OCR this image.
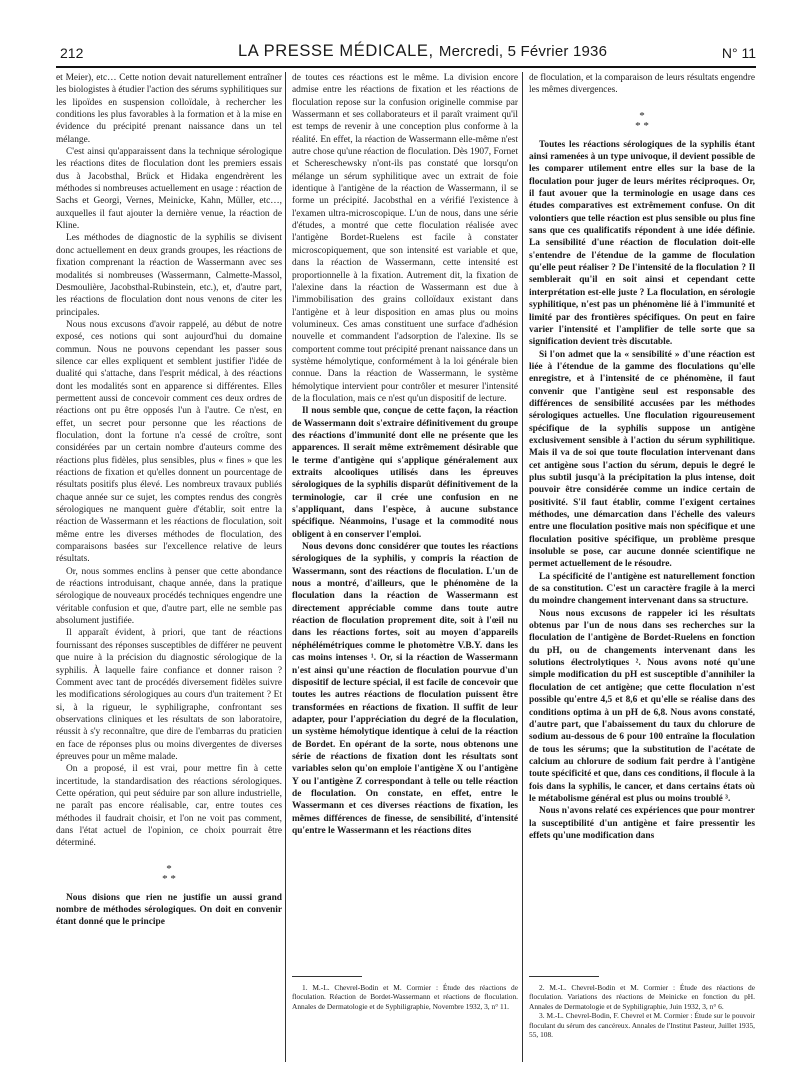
212	LA PRESSE MÉDICALE, Mercredi, 5 Février 1936	N° 11

et Meier), etc… Cette notion devait naturellement entraîner les biologistes à étudier l'action des sérums syphilitiques sur les lipoïdes en suspension colloïdale, à rechercher les conditions les plus favorables à la formation et à la mise en évidence du précipité prenant naissance dans un tel mélange.

C'est ainsi qu'apparaissent dans la technique sérologique les réactions dites de floculation dont les premiers essais dus à Jacobsthal, Brück et Hidaka engendrèrent les méthodes si nombreuses actuellement en usage : réaction de Sachs et Georgi, Vernes, Meinicke, Kahn, Müller, etc…, auxquelles il faut ajouter la dernière venue, la réaction de Kline.

Les méthodes de diagnostic de la syphilis se divisent donc actuellement en deux grands groupes, les réactions de fixation comprenant la réaction de Wassermann avec ses modalités si nombreuses (Wassermann, Calmette-Massol, Desmoulière, Jacobsthal-Rubinstein, etc.), et, d'autre part, les réactions de floculation dont nous venons de citer les principales.

Nous nous excusons d'avoir rappelé, au début de notre exposé, ces notions qui sont aujourd'hui du domaine commun. Nous ne pouvons cependant les passer sous silence car elles expliquent et semblent justifier l'idée de dualité qui s'attache, dans l'esprit médical, à des réactions dont les modalités sont en apparence si différentes. Elles permettent aussi de concevoir comment ces deux ordres de réactions ont pu être opposés l'un à l'autre. Ce n'est, en effet, un secret pour personne que les réactions de floculation, dont la fortune n'a cessé de croître, sont considérées par un certain nombre d'auteurs comme des réactions plus fidèles, plus sensibles, plus « fines » que les réactions de fixation et qu'elles donnent un pourcentage de résultats positifs plus élevé. Les nombreux travaux publiés chaque année sur ce sujet, les comptes rendus des congrès sérologiques ne manquent guère d'établir, soit entre la réaction de Wassermann et les réactions de floculation, soit même entre les diverses méthodes de floculation, des comparaisons basées sur l'excellence relative de leurs résultats.

Or, nous sommes enclins à penser que cette abondance de réactions introduisant, chaque année, dans la pratique sérologique de nouveaux procédés techniques engendre une véritable confusion et que, d'autre part, elle ne semble pas absolument justifiée.

Il apparaît évident, à priori, que tant de réactions fournissant des réponses susceptibles de différer ne peuvent que nuire à la précision du diagnostic sérologique de la syphilis. À laquelle faire confiance et donner raison ? Comment avec tant de procédés diversement fidèles suivre les modifications sérologiques au cours d'un traitement ? Et si, à la rigueur, le syphiligraphe, confrontant ses observations cliniques et les résultats de son laboratoire, réussit à s'y reconnaître, que dire de l'embarras du praticien en face de réponses plus ou moins divergentes de diverses épreuves pour un même malade.

On a proposé, il est vrai, pour mettre fin à cette incertitude, la standardisation des réactions sérologiques. Cette opération, qui peut séduire par son allure industrielle, ne paraît pas encore réalisable, car, entre toutes ces méthodes il faudrait choisir, et l'on ne voit pas comment, dans l'état actuel de l'opinion, ce choix pourrait être déterminé.

*
* *

Nous disions que rien ne justifie un aussi grand nombre de méthodes sérologiques. On doit en convenir étant donné que le principe

de toutes ces réactions est le même. La division encore admise entre les réactions de fixation et les réactions de floculation repose sur la confusion originelle commise par Wassermann et ses collaborateurs et il paraît vraiment qu'il est temps de revenir à une conception plus conforme à la réalité. En effet, la réaction de Wassermann elle-même n'est autre chose qu'une réaction de floculation. Dès 1907, Fornet et Schereschewsky n'ont-ils pas constaté que lorsqu'on mélange un sérum syphilitique avec un extrait de foie identique à l'antigène de la réaction de Wassermann, il se forme un précipité. Jacobsthal en a vérifié l'existence à l'examen ultra-microscopique. L'un de nous, dans une série d'études, a montré que cette floculation réalisée avec l'antigène Bordet-Ruelens est facile à constater microscopiquement, que son intensité est variable et que, dans la réaction de Wassermann, cette intensité est proportionnelle à la fixation. Autrement dit, la fixation de l'alexine dans la réaction de Wassermann est due à l'immobilisation des grains colloïdaux existant dans l'antigène et à leur disposition en amas plus ou moins volumineux. Ces amas constituent une surface d'adhésion nouvelle et commandent l'adsorption de l'alexine. Ils se comportent comme tout précipité prenant naissance dans un système hémolytique, conformément à la loi générale bien connue. Dans la réaction de Wassermann, le système hémolytique intervient pour contrôler et mesurer l'intensité de la floculation, mais ce n'est qu'un dispositif de lecture.

Il nous semble que, conçue de cette façon, la réaction de Wassermann doit s'extraire définitivement du groupe des réactions d'immunité dont elle ne présente que les apparences. Il serait même extrêmement désirable que le terme d'antigène qui s'applique généralement aux extraits alcooliques utilisés dans les épreuves sérologiques de la syphilis disparût définitivement de la terminologie, car il crée une confusion en ne s'appliquant, dans l'espèce, à aucune substance spécifique. Néanmoins, l'usage et la commodité nous obligent à en conserver l'emploi.

Nous devons donc considérer que toutes les réactions sérologiques de la syphilis, y compris la réaction de Wassermann, sont des réactions de floculation. L'un de nous a montré, d'ailleurs, que le phénomène de la floculation dans la réaction de Wassermann est directement appréciable comme dans toute autre réaction de floculation proprement dite, soit à l'œil nu dans les réactions fortes, soit au moyen d'appareils néphélémétriques comme le photomètre V.B.Y. dans les cas moins intenses ¹. Or, si la réaction de Wassermann n'est ainsi qu'une réaction de floculation pourvue d'un dispositif de lecture spécial, il est facile de concevoir que toutes les autres réactions de floculation puissent être transformées en réactions de fixation. Il suffit de leur adapter, pour l'appréciation du degré de la floculation, un système hémolytique identique à celui de la réaction de Bordet. En opérant de la sorte, nous obtenons une série de réactions de fixation dont les résultats sont variables selon qu'on emploie l'antigène X ou l'antigène Y ou l'antigène Z correspondant à telle ou telle réaction de floculation. On constate, en effet, entre le Wassermann et ces diverses réactions de fixation, les mêmes différences de finesse, de sensibilité, d'intensité qu'entre le Wassermann et les réactions dites

1. M.-L. Chevrel-Bodin et M. Cormier : Étude des réactions de floculation. Réaction de Bordet-Wassermann et réactions de floculation. Annales de Dermatologie et de Syphiligraphie, Novembre 1932, 3, n° 11.

de floculation, et la comparaison de leurs résultats engendre les mêmes divergences.

*
* *

Toutes les réactions sérologiques de la syphilis étant ainsi ramenées à un type univoque, il devient possible de les comparer utilement entre elles sur la base de la floculation pour juger de leurs mérites réciproques. Or, il faut avouer que la terminologie en usage dans ces études comparatives est extrêmement confuse. On dit volontiers que telle réaction est plus sensible ou plus fine sans que ces qualificatifs répondent à une idée définie. La sensibilité d'une réaction de floculation doit-elle s'entendre de l'étendue de la gamme de floculation qu'elle peut réaliser ? De l'intensité de la floculation ? Il semblerait qu'il en soit ainsi et cependant cette interprétation est-elle juste ? La floculation, en sérologie syphilitique, n'est pas un phénomène lié à l'immunité et limité par des frontières spécifiques. On peut en faire varier l'intensité et l'amplifier de telle sorte que sa signification devient très discutable.

Si l'on admet que la « sensibilité » d'une réaction est liée à l'étendue de la gamme des floculations qu'elle enregistre, et à l'intensité de ce phénomène, il faut convenir que l'antigène seul est responsable des différences de sensibilité accusées par les méthodes sérologiques actuelles. Une floculation rigoureusement spécifique de la syphilis suppose un antigène exclusivement sensible à l'action du sérum syphilitique. Mais il va de soi que toute floculation intervenant dans cet antigène sous l'action du sérum, depuis le degré le plus subtil jusqu'à la précipitation la plus intense, doit pouvoir être considérée comme un indice certain de positivité. S'il faut établir, comme l'exigent certaines méthodes, une démarcation dans l'échelle des valeurs entre une floculation positive mais non spécifique et une floculation positive spécifique, un problème presque insoluble se pose, car aucune donnée scientifique ne permet actuellement de le résoudre.

La spécificité de l'antigène est naturellement fonction de sa constitution. C'est un caractère fragile à la merci du moindre changement intervenant dans sa structure.

Nous nous excusons de rappeler ici les résultats obtenus par l'un de nous dans ses recherches sur la floculation de l'antigène de Bordet-Ruelens en fonction du pH, ou de changements intervenant dans les solutions électrolytiques ². Nous avons noté qu'une simple modification du pH est susceptible d'annihiler la floculation de cet antigène; que cette floculation n'est possible qu'entre 4,5 et 8,6 et qu'elle se réalise dans des conditions optima à un pH de 6,8. Nous avons constaté, d'autre part, que l'abaissement du taux du chlorure de sodium au-dessous de 6 pour 100 entraîne la floculation de tous les sérums; que la substitution de l'acétate de calcium au chlorure de sodium fait perdre à l'antigène toute spécificité et que, dans ces conditions, il flocule à la fois dans la syphilis, le cancer, et dans certains états où le métabolisme général est plus ou moins troublé ³.

Nous n'avons relaté ces expériences que pour montrer la susceptibilité d'un antigène et faire pressentir les effets qu'une modification dans

2. M.-L. Chevrel-Bodin et M. Cormier : Étude des réactions de floculation. Variations des réactions de Meinicke en fonction du pH. Annales de Dermatologie et de Syphiligraphie, Juin 1932, 3, n° 6.

3. M.-L. Chevrel-Bodin, F. Chevrel et M. Cormier : Étude sur le pouvoir floculant du sérum des cancéreux. Annales de l'Institut Pasteur, Juillet 1935, 55, 108.
